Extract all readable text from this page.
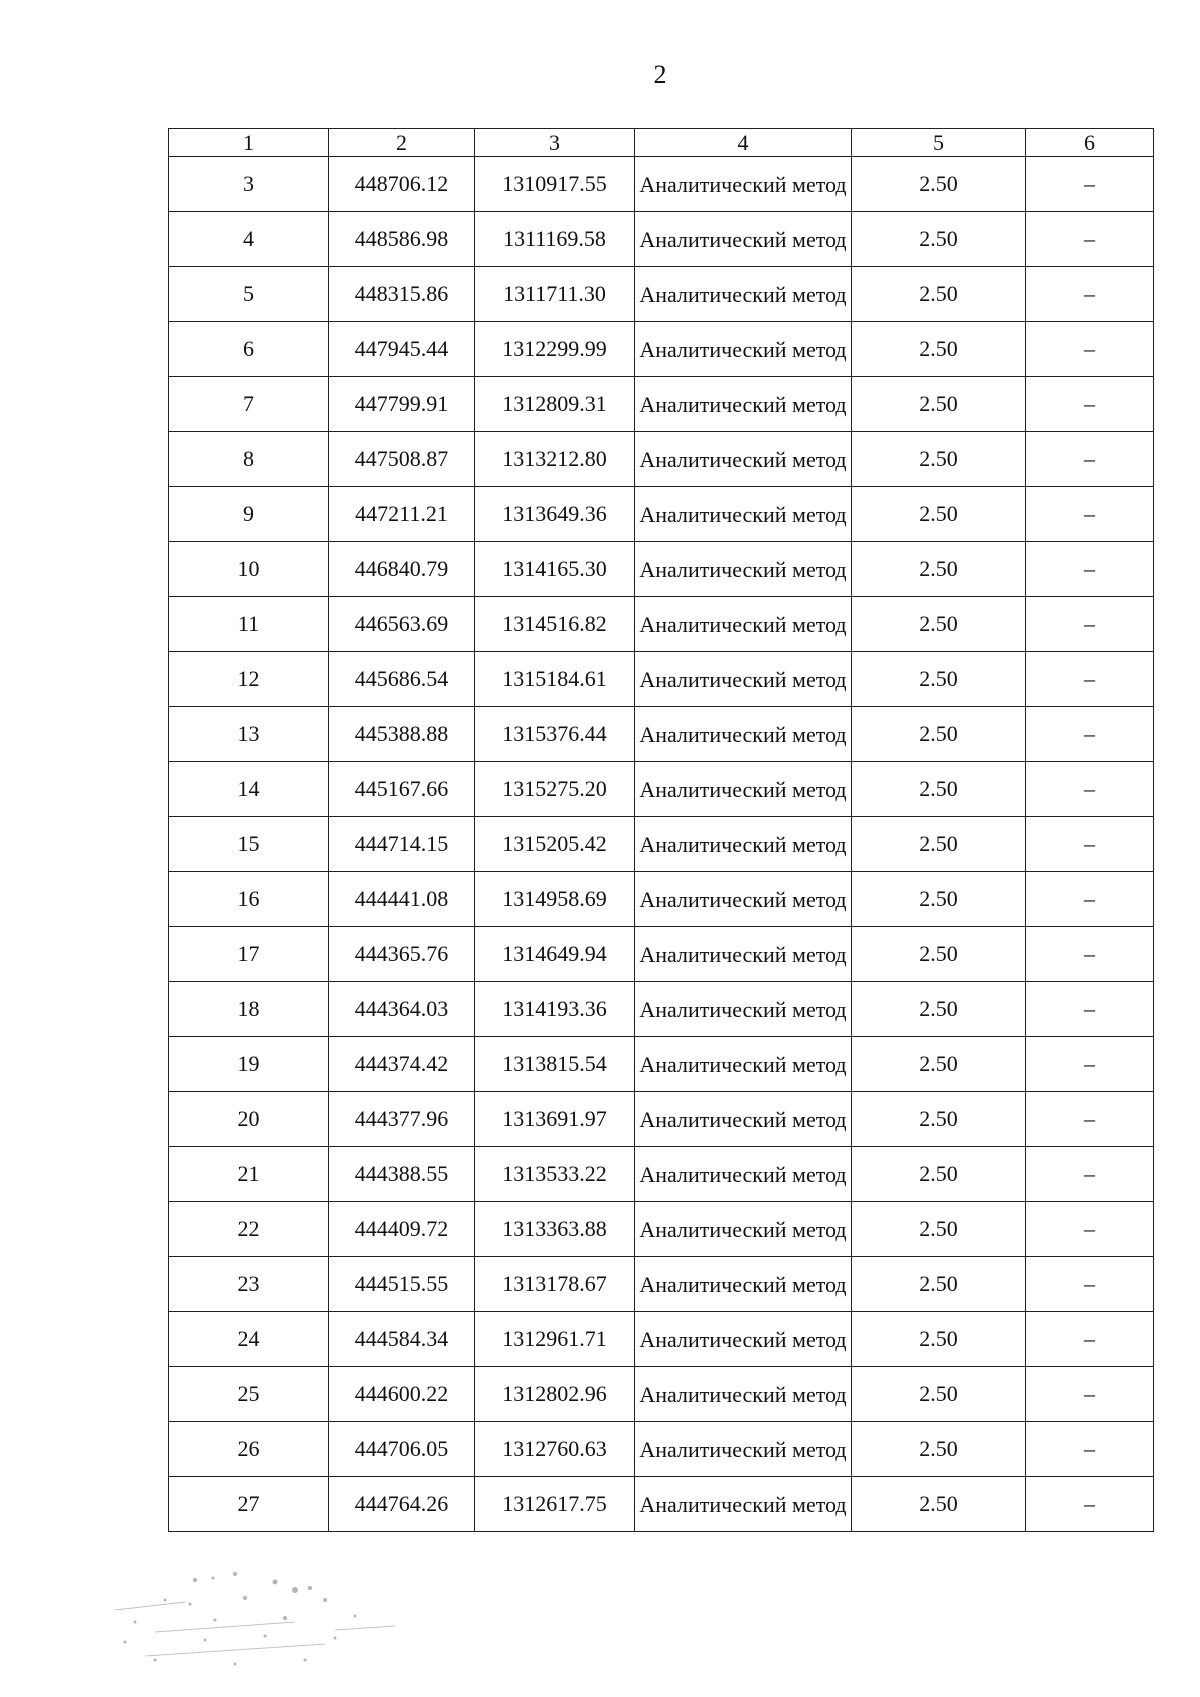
2
1	2	3	4	5	6
3	448706.12	1310917.55	Аналитический метод	2.50	–
4	448586.98	1311169.58	Аналитический метод	2.50	–
5	448315.86	1311711.30	Аналитический метод	2.50	–
6	447945.44	1312299.99	Аналитический метод	2.50	–
7	447799.91	1312809.31	Аналитический метод	2.50	–
8	447508.87	1313212.80	Аналитический метод	2.50	–
9	447211.21	1313649.36	Аналитический метод	2.50	–
10	446840.79	1314165.30	Аналитический метод	2.50	–
11	446563.69	1314516.82	Аналитический метод	2.50	–
12	445686.54	1315184.61	Аналитический метод	2.50	–
13	445388.88	1315376.44	Аналитический метод	2.50	–
14	445167.66	1315275.20	Аналитический метод	2.50	–
15	444714.15	1315205.42	Аналитический метод	2.50	–
16	444441.08	1314958.69	Аналитический метод	2.50	–
17	444365.76	1314649.94	Аналитический метод	2.50	–
18	444364.03	1314193.36	Аналитический метод	2.50	–
19	444374.42	1313815.54	Аналитический метод	2.50	–
20	444377.96	1313691.97	Аналитический метод	2.50	–
21	444388.55	1313533.22	Аналитический метод	2.50	–
22	444409.72	1313363.88	Аналитический метод	2.50	–
23	444515.55	1313178.67	Аналитический метод	2.50	–
24	444584.34	1312961.71	Аналитический метод	2.50	–
25	444600.22	1312802.96	Аналитический метод	2.50	–
26	444706.05	1312760.63	Аналитический метод	2.50	–
27	444764.26	1312617.75	Аналитический метод	2.50	–
